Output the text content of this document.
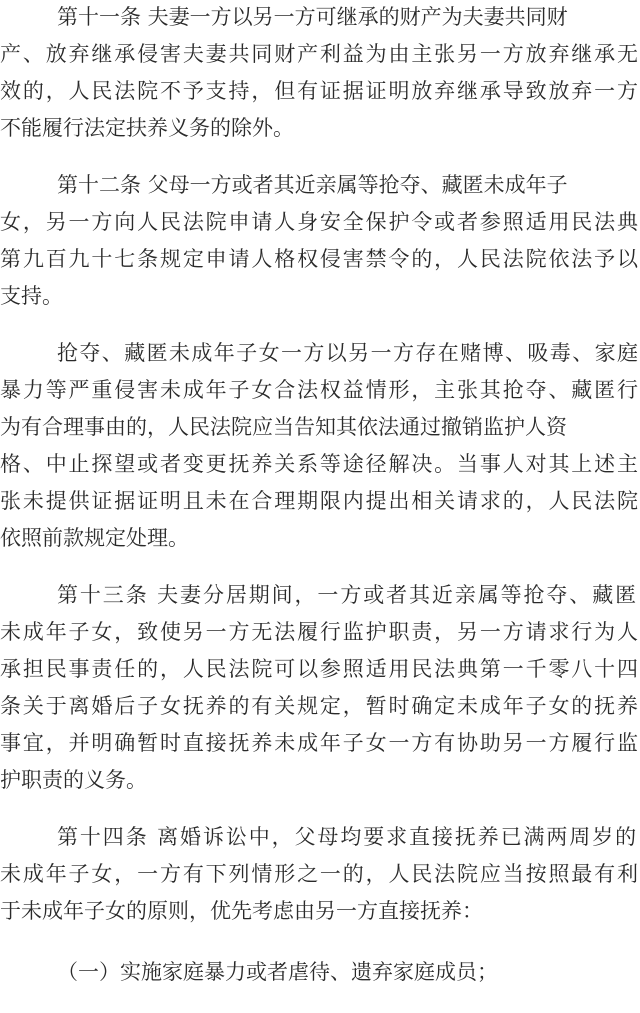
第十一条 夫妻一方以另一方可继承的财产为夫妻共同财
产、放弃继承侵害夫妻共同财产利益为由主张另一方放弃继承无
效的，人民法院不予支持，但有证据证明放弃继承导致放弃一方
不能履行法定扶养义务的除外。
第十二条 父母一方或者其近亲属等抢夺、藏匿未成年子
女，另一方向人民法院申请人身安全保护令或者参照适用民法典
第九百九十七条规定申请人格权侵害禁令的，人民法院依法予以
支持。
抢夺、藏匿未成年子女一方以另一方存在赌博、吸毒、家庭
暴力等严重侵害未成年子女合法权益情形，主张其抢夺、藏匿行
为有合理事由的，人民法院应当告知其依法通过撤销监护人资
格、中止探望或者变更抚养关系等途径解决。当事人对其上述主
张未提供证据证明且未在合理期限内提出相关请求的，人民法院
依照前款规定处理。
第十三条 夫妻分居期间，一方或者其近亲属等抢夺、藏匿
未成年子女，致使另一方无法履行监护职责，另一方请求行为人
承担民事责任的，人民法院可以参照适用民法典第一千零八十四
条关于离婚后子女抚养的有关规定，暂时确定未成年子女的抚养
事宜，并明确暂时直接抚养未成年子女一方有协助另一方履行监
护职责的义务。
第十四条 离婚诉讼中，父母均要求直接抚养已满两周岁的
未成年子女，一方有下列情形之一的，人民法院应当按照最有利
于未成年子女的原则，优先考虑由另一方直接抚养：
（一）实施家庭暴力或者虐待、遗弃家庭成员；
